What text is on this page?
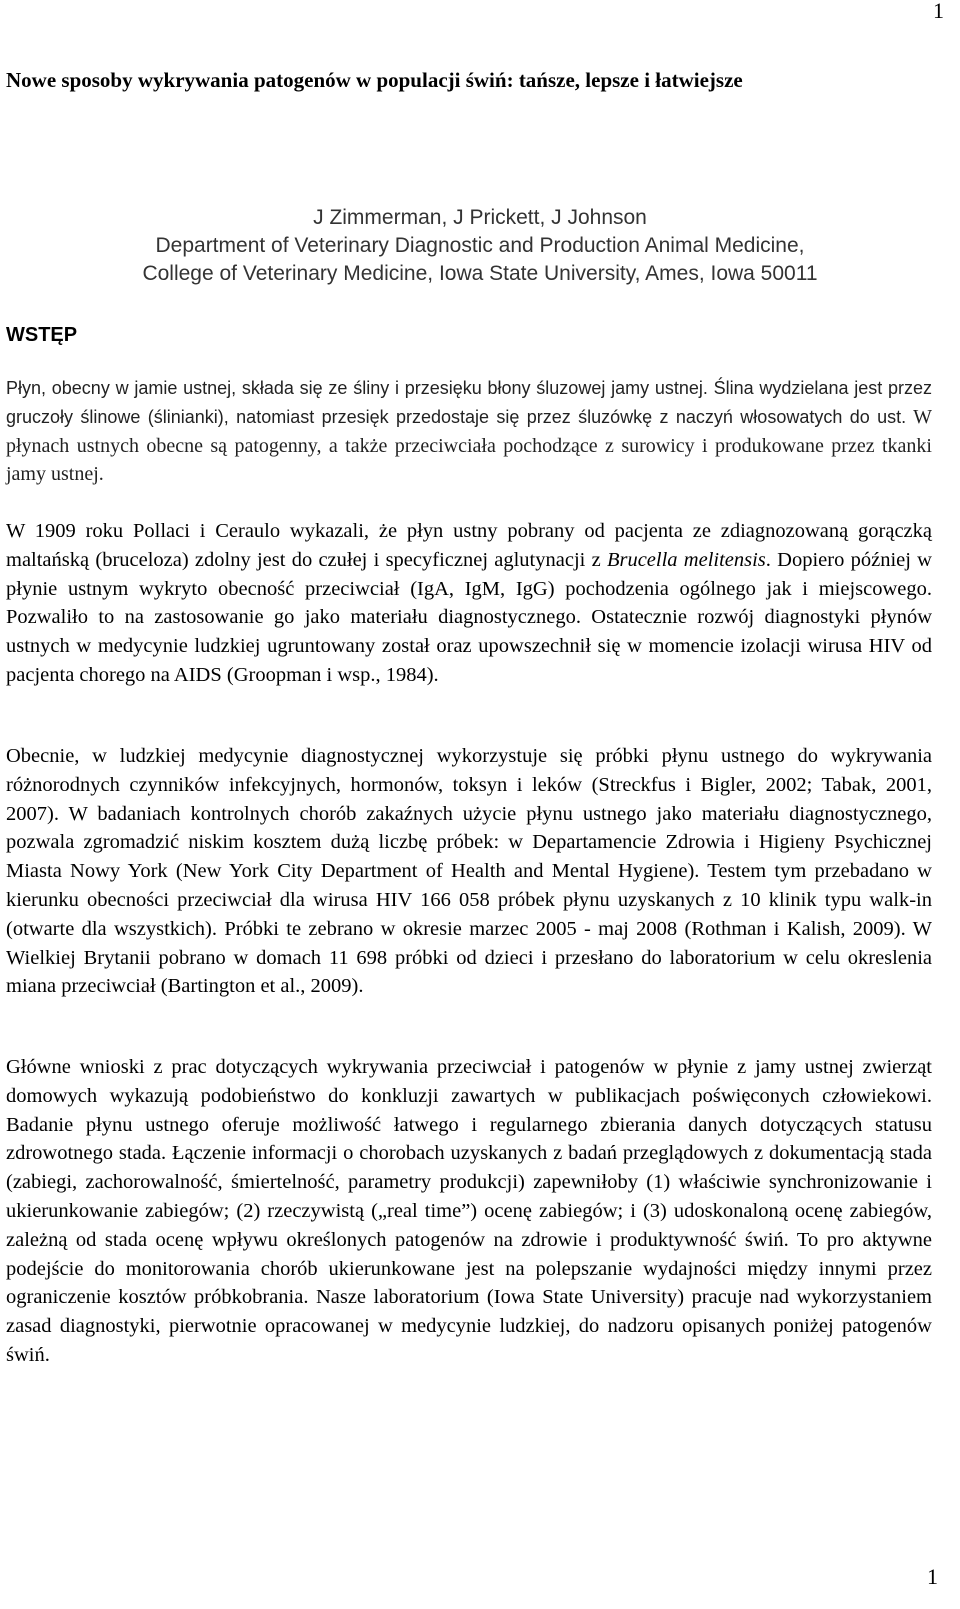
1
Nowe sposoby wykrywania patogenów w populacji świń: tańsze, lepsze i łatwiejsze
J Zimmerman, J Prickett, J Johnson
Department of Veterinary Diagnostic and Production Animal Medicine,
College of Veterinary Medicine, Iowa State University, Ames, Iowa 50011
WSTĘP

Płyn, obecny w jamie ustnej, składa się ze śliny i przesięku błony śluzowej jamy ustnej. Ślina wydzielana jest przez gruczoły ślinowe (ślinianki), natomiast przesięk przedostaje się przez śluzówkę z naczyń włosowatych do ust. W płynach ustnych obecne są patogenny, a także przeciwciała pochodzące z surowicy i produkowane przez tkanki jamy ustnej.

W 1909 roku Pollaci i Ceraulo wykazali, że płyn ustny pobrany od pacjenta ze zdiagnozowaną gorączką maltańską (bruceloza) zdolny jest do czułej i specyficznej aglutynacji z Brucella melitensis. Dopiero później w płynie ustnym wykryto obecność przeciwciał (IgA, IgM, IgG) pochodzenia ogólnego jak i miejscowego. Pozwaliło to na zastosowanie go jako materiału diagnostycznego. Ostatecznie rozwój diagnostyki płynów ustnych w medycynie ludzkiej ugruntowany został oraz upowszechnił się w momencie izolacji wirusa HIV od pacjenta chorego na AIDS (Groopman i wsp., 1984).

Obecnie, w ludzkiej medycynie diagnostycznej wykorzystuje się próbki płynu ustnego do wykrywania różnorodnych czynników infekcyjnych, hormonów, toksyn i leków (Streckfus i Bigler, 2002; Tabak, 2001, 2007). W badaniach kontrolnych chorób zakaźnych użycie płynu ustnego jako materiału diagnostycznego, pozwala zgromadzić niskim kosztem dużą liczbę próbek: w Departamencie Zdrowia i Higieny Psychicznej Miasta Nowy York (New York City Department of Health and Mental Hygiene). Testem tym przebadano w kierunku obecności przeciwciał dla wirusa HIV 166 058 próbek płynu uzyskanych z 10 klinik typu walk-in (otwarte dla wszystkich). Próbki te zebrano w okresie marzec 2005 - maj 2008 (Rothman i Kalish, 2009). W Wielkiej Brytanii pobrano w domach 11 698 próbki od dzieci i przesłano do laboratorium w celu okreslenia miana przeciwciał (Bartington et al., 2009).

Główne wnioski z prac dotyczących wykrywania przeciwciał i patogenów w płynie z jamy ustnej zwierząt domowych wykazują podobieństwo do konkluzji zawartych w publikacjach poświęconych człowiekowi. Badanie płynu ustnego oferuje możliwość łatwego i regularnego zbierania danych dotyczących statusu zdrowotnego stada. Łączenie informacji o chorobach uzyskanych z badań przeglądowych z dokumentacją stada (zabiegi, zachorowalność, śmiertelność, parametry produkcji) zapewniłoby (1) właściwie synchronizowanie i ukierunkowanie zabiegów; (2) rzeczywistą („real time”) ocenę zabiegów; i (3) udoskonaloną ocenę zabiegów, zależną od stada ocenę wpływu określonych patogenów na zdrowie i produktywność świń. To pro aktywne podejście do monitorowania chorób ukierunkowane jest na polepszanie wydajności między innymi przez ograniczenie kosztów próbkobrania. Nasze laboratorium (Iowa State University) pracuje nad wykorzystaniem zasad diagnostyki, pierwotnie opracowanej w medycynie ludzkiej, do nadzoru opisanych poniżej patogenów świń.

1
